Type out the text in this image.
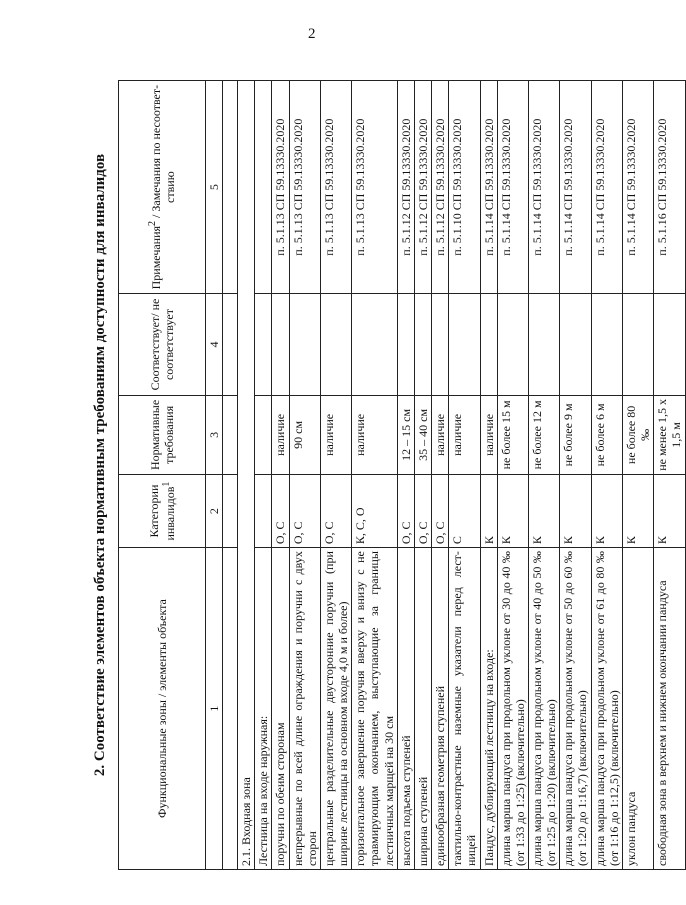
2
2. Соответствие элементов объекта нормативным требованиям доступности для инвалидов	Функциональные зоны / элементы объекта	Категории инвалидов$^1$	Нормативные требования	Соответствует/ не соответствует	Примечания$^2$ / Замечания по несоответ-ствию
1	2	3	4	5

2.1. Входная зона				
Лестница на входе наружная:				
поручни по обеим сторонам	О, С	наличие		п. 5.1.13 СП 59.13330.2020
непрерывные по всей длине ограждения и поручни с двух сторон	О, С	90 см		п. 5.1.13 СП 59.13330.2020
центральные разделительные двусторонние поручни (при ширине лестницы на основном входе 4,0 м и более)	О, С	наличие		п. 5.1.13 СП 59.13330.2020
горизонтальное завершение поручня вверху и внизу с не травмирующим окончанием, выступающие за границы лестничных марщей на 30 см	К, С, О	наличие		п. 5.1.13 СП 59.13330.2020
высота подъема ступеней	О, С	12 – 15 см		п. 5.1.12 СП 59.13330.2020
ширина ступеней	О, С	35 – 40 см		п. 5.1.12 СП 59.13330.2020
единообразная геометрия ступеней	О, С	наличие		п. 5.1.12 СП 59.13330.2020
тактильно-контрастные наземные указатели перед лест-ницей	С	наличие		п. 5.1.10 СП 59.13330.2020
Пандус, дублирующий лестницу на входе:	К	наличие		п. 5.1.14 СП 59.13330.2020
длина марша пандуса при продольном уклоне от 30 до 40 ‰ (от 1:33 до 1:25) (включительно)	К	не более 15 м		п. 5.1.14 СП 59.13330.2020
длина марша пандуса при продольном уклоне от 40 до 50 ‰ (от 1:25 до 1:20) (включительно)	К	не более 12 м		п. 5.1.14 СП 59.13330.2020
длина марша пандуса при продольном уклоне от 50 до 60 ‰ (от 1:20 до 1:16,7) (включительно)	К	не более 9 м		п. 5.1.14 СП 59.13330.2020
длина марша пандуса при продольном уклоне от 61 до 80 ‰ (от 1:16 до 1:12,5) (включительно)	К	не более 6 м		п. 5.1.14 СП 59.13330.2020
уклон пандуса	К	не более 80 ‰		п. 5.1.14 СП 59.13330.2020
свободная зона в верхнем и нижнем окончании пандуса	К	не менее 1,5 х 1,5 м		п. 5.1.16 СП 59.13330.2020
